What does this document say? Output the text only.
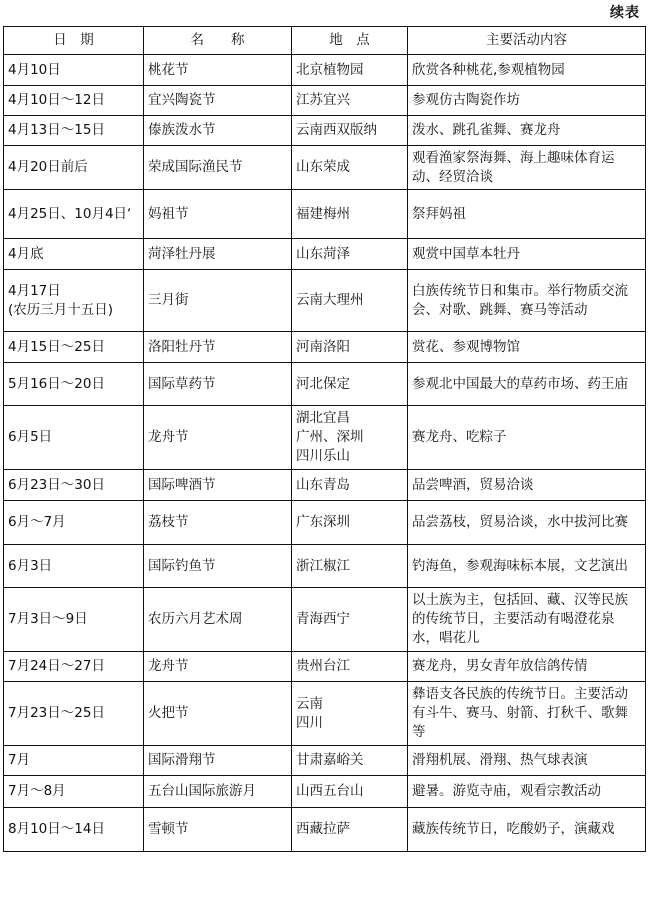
续表
日　期	名　　称	地　点	主要活动内容
4月10日	桃花节	北京植物园	欣赏各种桃花,参观植物园
4月10日～12日	宜兴陶瓷节	江苏宜兴	参观仿古陶瓷作坊
4月13日～15日	傣族泼水节	云南西双版纳	泼水、跳孔雀舞、赛龙舟
4月20日前后	荣成国际渔民节	山东荣成	观看渔家祭海舞、海上趣味体育运动、经贸洽谈
4月25日、10月4日‘	妈祖节	福建梅州	祭拜妈祖
4月底	菏泽牡丹展	山东菏泽	观赏中国草本牡丹

4月17日
(农历三月十五日)	三月街	云南大理州	白族传统节日和集市。举行物质交流会、对歌、跳舞、赛马等活动
4月15日～25日	洛阳牡丹节	河南洛阳	赏花、参观博物馆
5月16日～20日	国际草药节	河北保定	参观北中国最大的草药市场、药王庙
6月5日	龙舟节	湖北宜昌
广州、深圳
四川乐山	赛龙舟、吃粽子
6月23日～30日	国际啤酒节	山东青岛	品尝啤酒，贸易洽谈
6月～7月	荔枝节	广东深圳	品尝荔枝，贸易洽谈，水中拔河比赛
6月3日	国际钓鱼节	浙江椒江	钓海鱼，参观海味标本展，文艺演出
7月3日～9日	农历六月艺术周	青海西宁	以土族为主，包括回、藏、汉等民族的传统节日，主要活动有喝澄花泉水，唱花儿
7月24日～27日	龙舟节	贵州台江	赛龙舟，男女青年放信鸽传情
7月23日～25日	火把节	云南
四川	彝语支各民族的传统节日。主要活动有斗牛、赛马、射箭、打秋千、歌舞等
7月	国际滑翔节	甘肃嘉峪关	滑翔机展、滑翔、热气球表演
7月～8月	五台山国际旅游月	山西五台山	避暑。游览寺庙，观看宗教活动
8月10日～14日	雪顿节	西藏拉萨	藏族传统节日，吃酸奶子，演藏戏
